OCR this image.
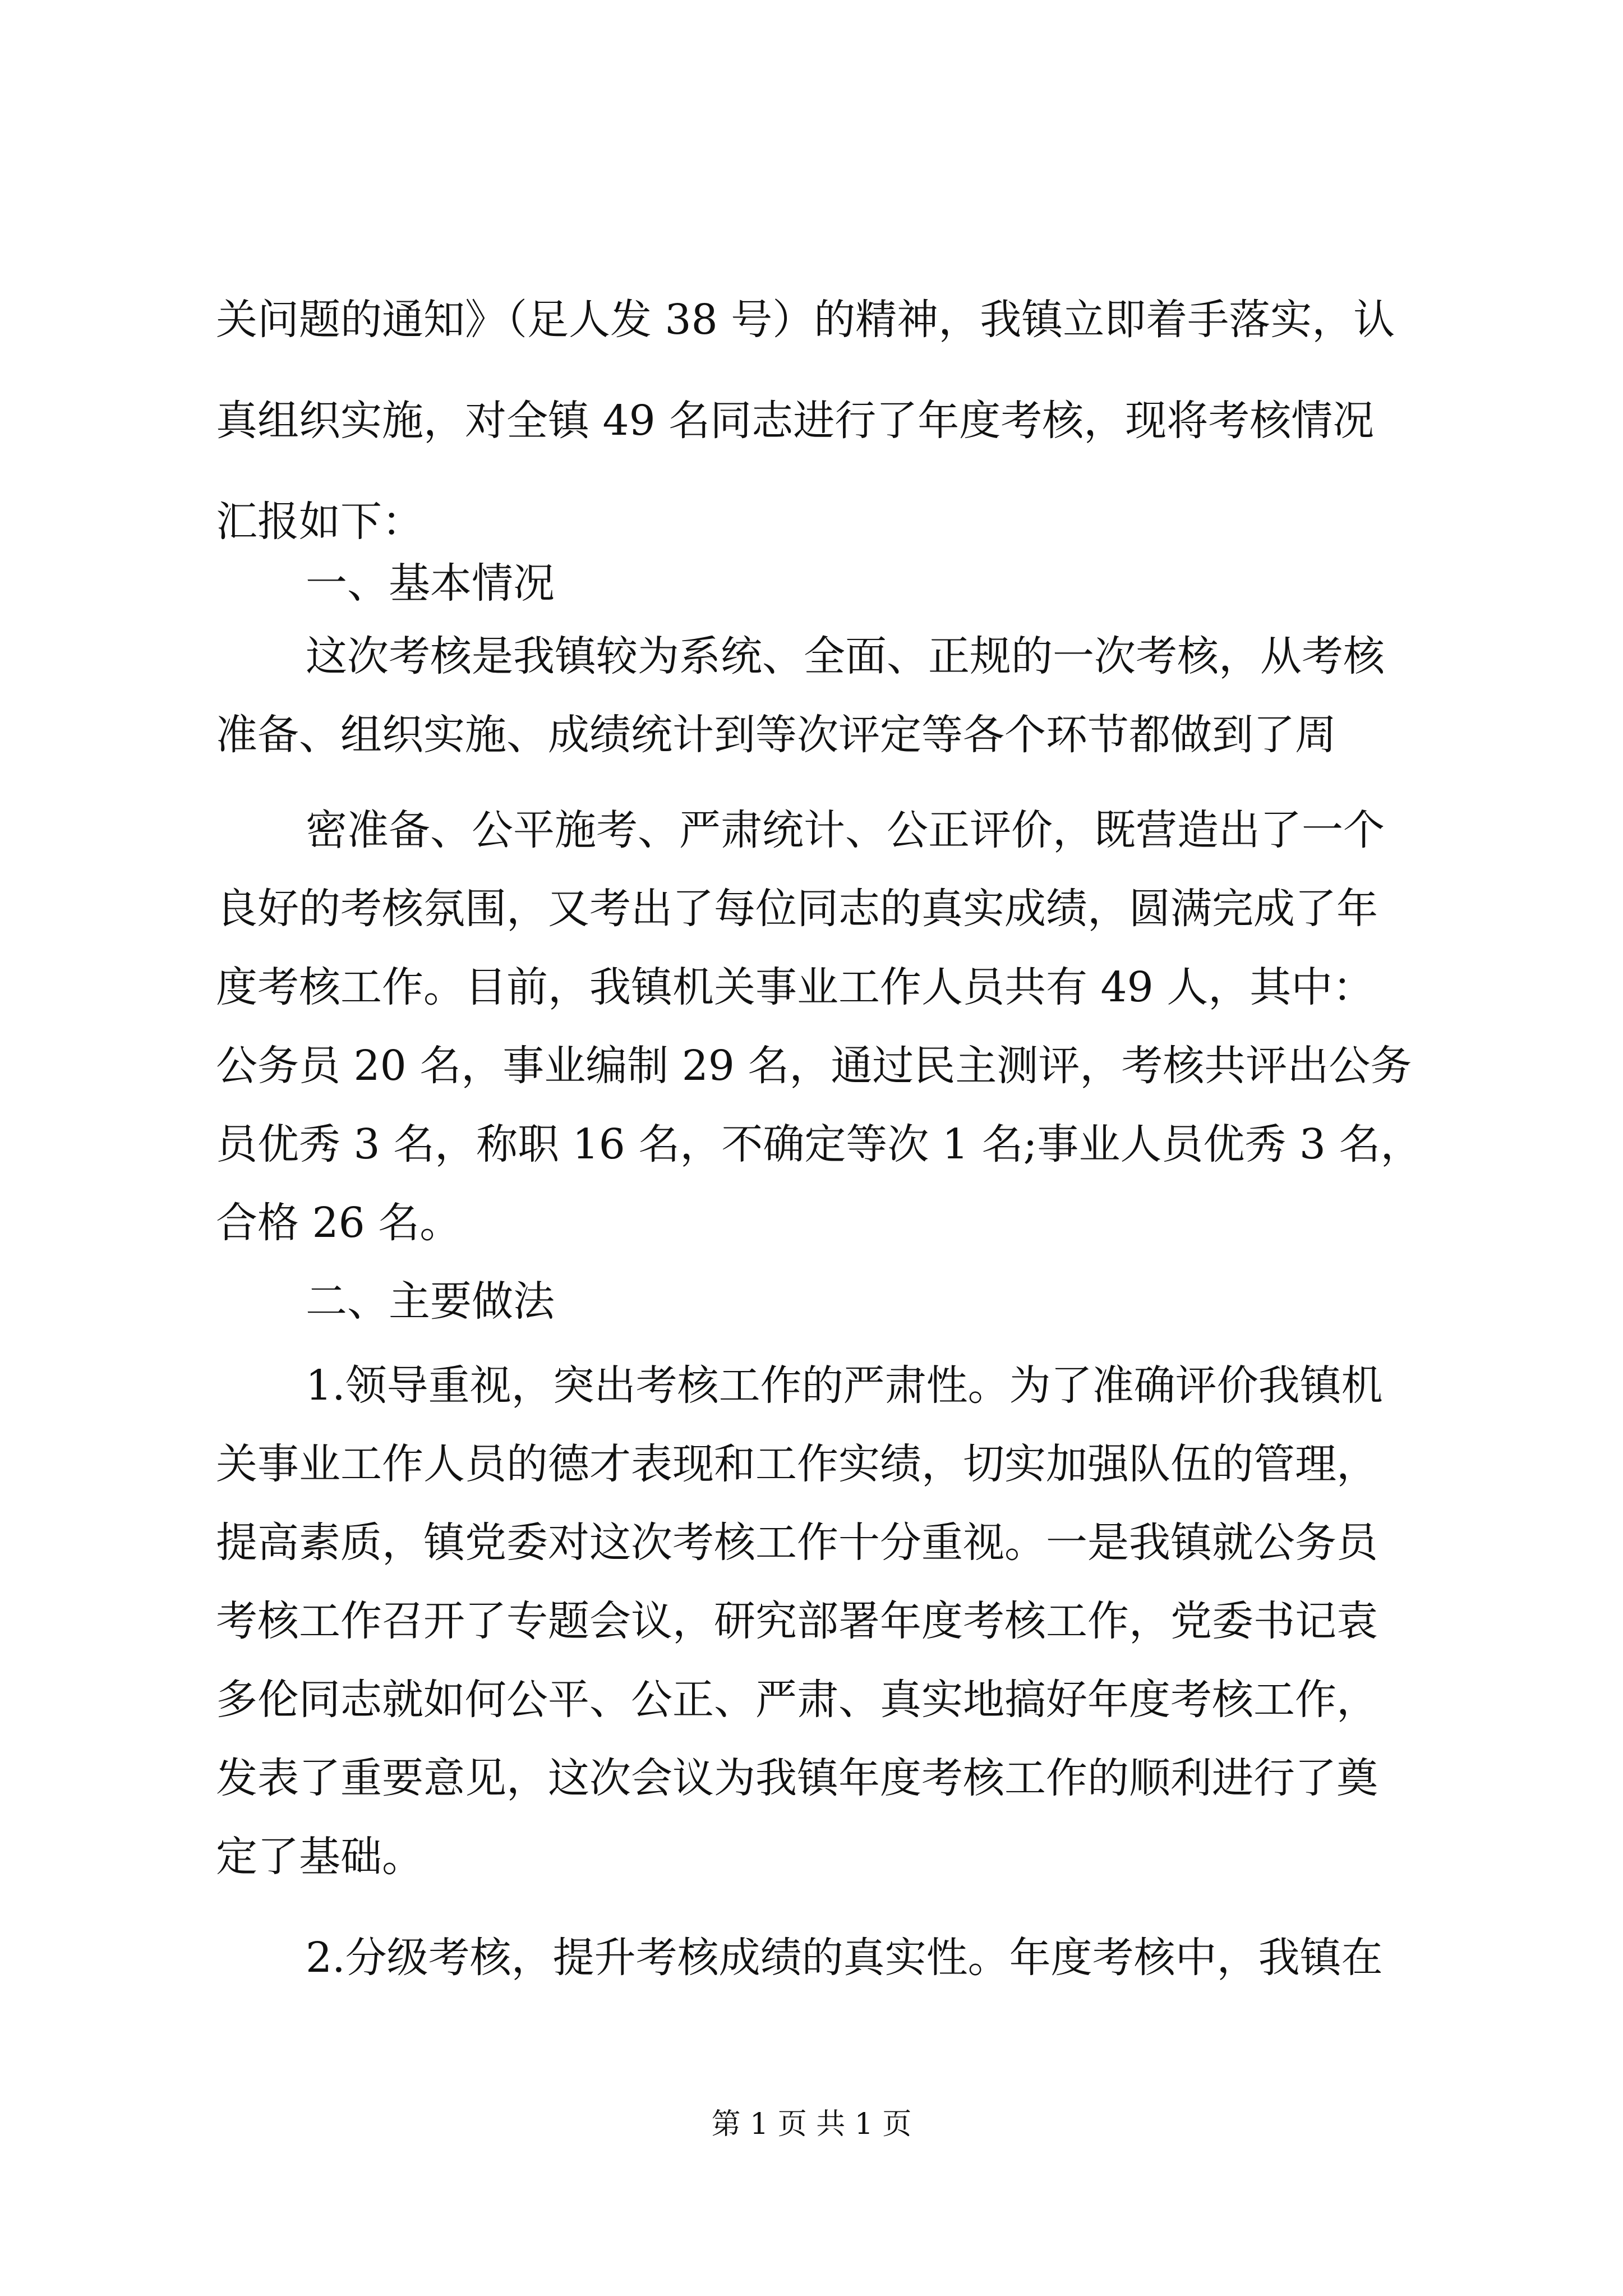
关问题的通知》（足人发 38 号）的精神，我镇立即着手落实，认
真组织实施，对全镇 49 名同志进行了年度考核，现将考核情况
汇报如下：
一、基本情况
这次考核是我镇较为系统、全面、正规的一次考核，从考核
准备、组织实施、成绩统计到等次评定等各个环节都做到了周
密准备、公平施考、严肃统计、公正评价，既营造出了一个
良好的考核氛围，又考出了每位同志的真实成绩，圆满完成了年
度考核工作。目前，我镇机关事业工作人员共有 49 人，其中：
公务员 20 名，事业编制 29 名，通过民主测评，考核共评出公务
员优秀 3 名，称职 16 名，不确定等次 1 名;事业人员优秀 3 名，
合格 26 名。
二、主要做法
1.领导重视，突出考核工作的严肃性。为了准确评价我镇机
关事业工作人员的德才表现和工作实绩，切实加强队伍的管理，
提高素质，镇党委对这次考核工作十分重视。一是我镇就公务员
考核工作召开了专题会议，研究部署年度考核工作，党委书记袁
多伦同志就如何公平、公正、严肃、真实地搞好年度考核工作，
发表了重要意见，这次会议为我镇年度考核工作的顺利进行了奠
定了基础。
2.分级考核，提升考核成绩的真实性。年度考核中，我镇在
第 1 页 共 1 页
